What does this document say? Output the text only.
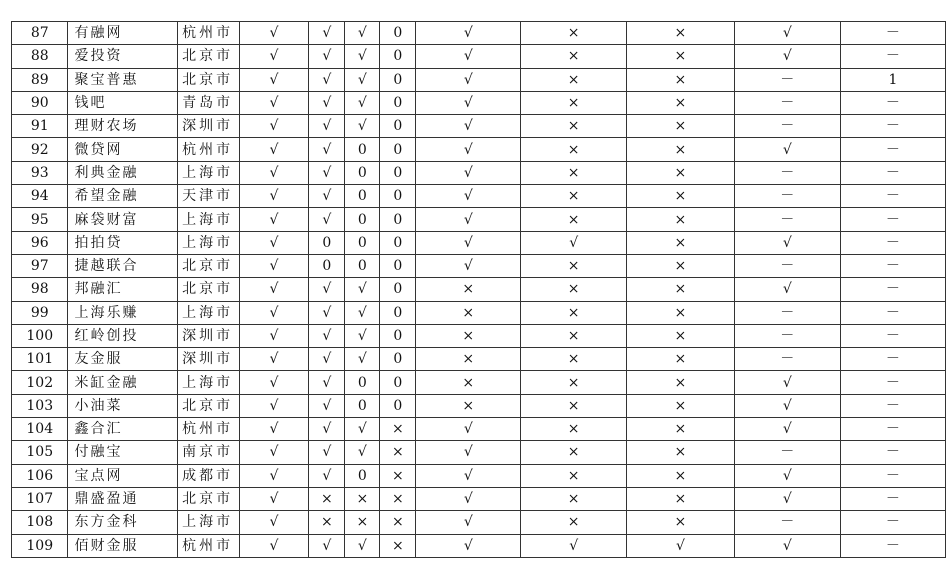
87	有融网	杭州市	√	√	√	0	√	×	×	√	－
88	爱投资	北京市	√	√	√	0	√	×	×	√	－
89	聚宝普惠	北京市	√	√	√	0	√	×	×	－	1
90	钱吧	青岛市	√	√	√	0	√	×	×	－	－
91	理财农场	深圳市	√	√	√	0	√	×	×	－	－
92	微贷网	杭州市	√	√	0	0	√	×	×	√	－
93	利典金融	上海市	√	√	0	0	√	×	×	－	－
94	希望金融	天津市	√	√	0	0	√	×	×	－	－
95	麻袋财富	上海市	√	√	0	0	√	×	×	－	－
96	拍拍贷	上海市	√	0	0	0	√	√	×	√	－
97	捷越联合	北京市	√	0	0	0	√	×	×	－	－
98	邦融汇	北京市	√	√	√	0	×	×	×	√	－
99	上海乐赚	上海市	√	√	√	0	×	×	×	－	－
100	红岭创投	深圳市	√	√	√	0	×	×	×	－	－
101	友金服	深圳市	√	√	√	0	×	×	×	－	－
102	米缸金融	上海市	√	√	0	0	×	×	×	√	－
103	小油菜	北京市	√	√	0	0	×	×	×	√	－
104	鑫合汇	杭州市	√	√	√	×	√	×	×	√	－
105	付融宝	南京市	√	√	√	×	√	×	×	－	－
106	宝点网	成都市	√	√	0	×	√	×	×	√	－
107	鼎盛盈通	北京市	√	×	×	×	√	×	×	√	－
108	东方金科	上海市	√	×	×	×	√	×	×	－	－
109	佰财金服	杭州市	√	√	√	×	√	√	√	√	－
